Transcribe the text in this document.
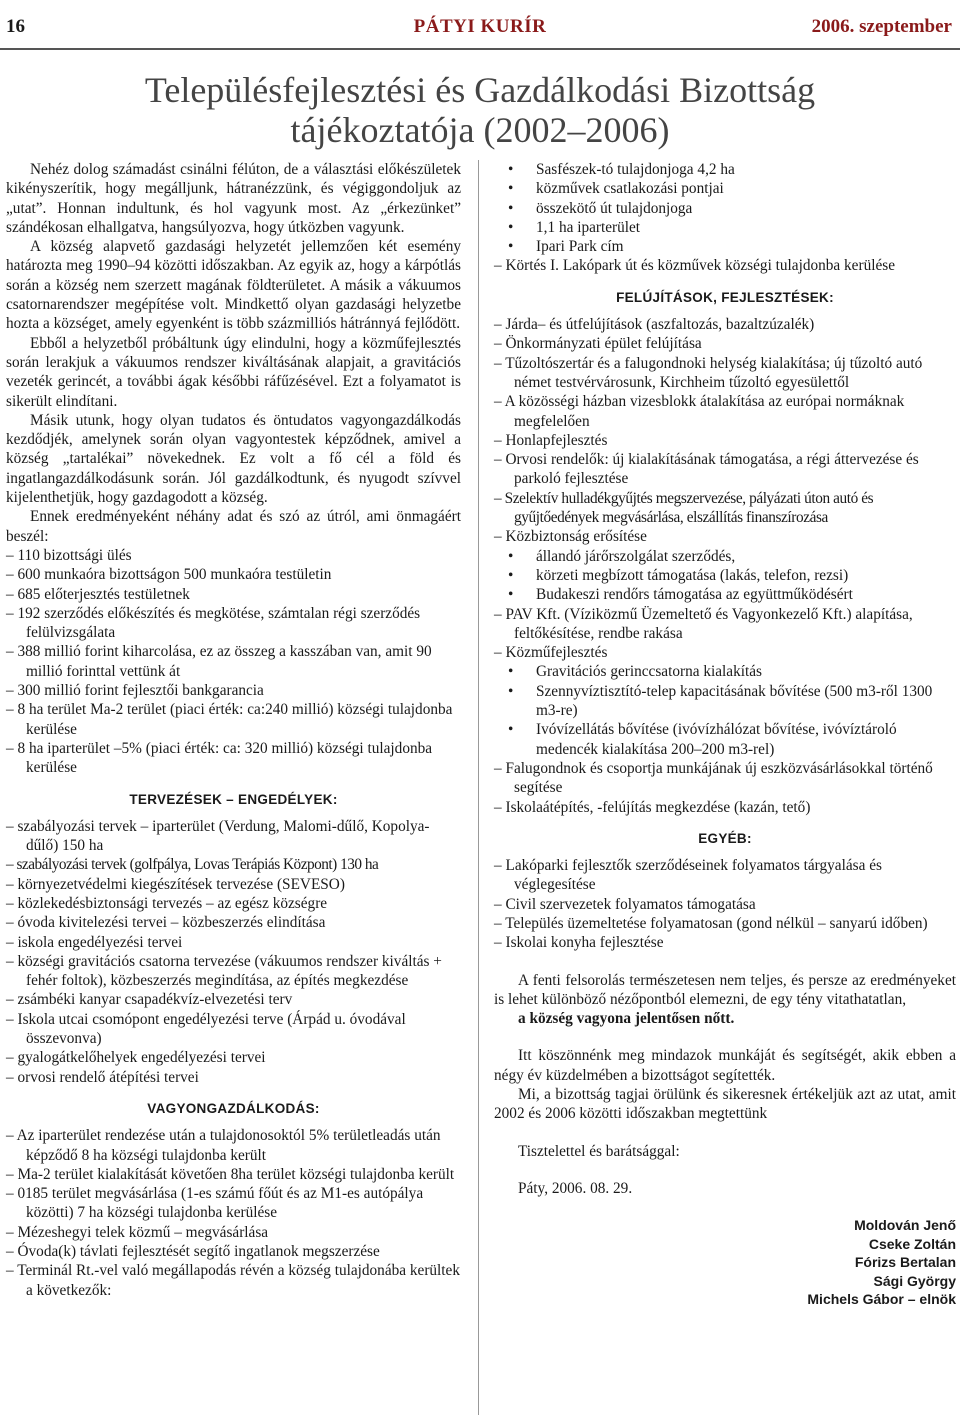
16	PÁTYI KURÍR	2006. szeptember
Településfejlesztési és Gazdálkodási Bizottság
tájékoztatója (2002–2006)

Nehéz dolog számadást csinálni félúton, de a választási előkészületek kikényszerítik, hogy megálljunk, hátranézzünk, és végiggondoljuk az „utat”. Honnan indultunk, és hol vagyunk most. Az „érkezünket” szándékosan elhallgatva, hangsúlyozva, hogy útközben vagyunk.

A község alapvető gazdasági helyzetét jellemzően két esemény határozta meg 1990–94 közötti időszakban. Az egyik az, hogy a kárpótlás során a község nem szerzett magának földterületet. A másik a vákuumos csatornarendszer megépítése volt. Mindkettő olyan gazdasági helyzetbe hozta a községet, amely egyenként is több százmilliós hátránnyá fejlődött.

Ebből a helyzetből próbáltunk úgy elindulni, hogy a közműfejlesztés során lerakjuk a vákuumos rendszer kiváltásának alapjait, a gravitációs vezeték gerincét, a további ágak későbbi ráfűzésével. Ezt a folyamatot is sikerült elindítani.

Másik utunk, hogy olyan tudatos és öntudatos vagyongazdálkodás kezdődjék, amelynek során olyan vagyontestek képződnek, amivel a község „tartalékai” növekednek. Ez volt a fő cél a föld és ingatlangazdálkodásunk során. Jól gazdálkodtunk, és nyugodt szívvel kijelenthetjük, hogy gazdagodott a község.

Ennek eredményeként néhány adat és szó az útról, ami önmagáért beszél:

– 110 bizottsági ülés

– 600 munkaóra bizottságon 500 munkaóra testületin

– 685 előterjesztés testületnek

– 192 szerződés előkészítés és megkötése, számtalan régi szerződés felülvizsgálata

– 388 millió forint kiharcolása, ez az összeg a kasszában van, amit 90 millió forinttal vettünk át

– 300 millió forint fejlesztői bankgarancia

– 8 ha terület Ma-2 terület (piaci érték: ca:240 millió) községi tulajdonba kerülése

– 8 ha iparterület –5% (piaci érték: ca: 320 millió) községi tulajdonba kerülése

TERVEZÉSEK – ENGEDÉLYEK:

– szabályozási tervek – iparterület (Verdung, Malomi-dűlő, Kopolya-dűlő) 150 ha

– szabályozási tervek (golfpálya, Lovas Terápiás Központ) 130 ha

– környezetvédelmi kiegészítések tervezése (SEVESO)

– közlekedésbiztonsági tervezés – az egész községre

– óvoda kivitelezési tervei – közbeszerzés elindítása

– iskola engedélyezési tervei

– községi gravitációs csatorna tervezése (vákuumos rendszer kiváltás + fehér foltok), közbeszerzés megindítása, az építés megkezdése

– zsámbéki kanyar csapadékvíz-elvezetési terv

– Iskola utcai csomópont engedélyezési terve (Árpád u. óvodával összevonva)

– gyalogátkelőhelyek engedélyezési tervei

– orvosi rendelő átépítési tervei

VAGYONGAZDÁLKODÁS:

– Az iparterület rendezése után a tulajdonosoktól 5% területleadás után képződő 8 ha községi tulajdonba került

– Ma-2 terület kialakítását követően 8ha terület községi tulajdonba került

– 0185 terület megvásárlása (1-es számú főút és az M1-es autópálya közötti) 7 ha községi tulajdonba kerülése

– Mézeshegyi telek közmű – megvásárlása

– Óvoda(k) távlati fejlesztését segítő ingatlanok megszerzése

– Terminál Rt.-vel való megállapodás révén a község tulajdonába kerültek a következők:

• Sasfészek-tó tulajdonjoga 4,2 ha

• közművek csatlakozási pontjai

• összekötő út tulajdonjoga

• 1,1 ha iparterület

• Ipari Park cím

– Körtés I. Lakópark út és közművek községi tulajdonba kerülése

FELÚJÍTÁSOK, FEJLESZTÉSEK:

– Járda– és útfelújítások (aszfaltozás, bazaltzúzalék)

– Önkormányzati épület felújítása

– Tűzoltószertár és a falugondnoki helység kialakítása; új tűzoltó autó német testvérvárosunk, Kirchheim tűzoltó egyesülettől

– A közösségi házban vizesblokk átalakítása az európai normáknak megfelelően

– Honlapfejlesztés

– Orvosi rendelők: új kialakításának támogatása, a régi áttervezése és parkoló fejlesztése

– Szelektív hulladékgyűjtés megszervezése, pályázati úton autó és gyűjtőedények megvásárlása, elszállítás finanszírozása

– Közbiztonság erősítése

• állandó járőrszolgálat szerződés,

• körzeti megbízott támogatása (lakás, telefon, rezsi)

• Budakeszi rendőrs támogatása az együttműködésért

– PAV Kft. (Víziközmű Üzemeltető és Vagyonkezelő Kft.) alapítása, feltőkésítése, rendbe rakása

– Közműfejlesztés

• Gravitációs gerinccsatorna kialakítás

• Szennyvíztisztító-telep kapacitásának bővítése (500 m3-ről 1300 m3-re)

• Ivóvízellátás bővítése (ivóvízhálózat bővítése, ivóvíztároló medencék kialakítása 200–200 m3-rel)

– Falugondnok és csoportja munkájának új eszközvásárlásokkal történő segítése

– Iskolaátépítés, -felújítás megkezdése (kazán, tető)

EGYÉB:

– Lakóparki fejlesztők szerződéseinek folyamatos tárgyalása és véglegesítése

– Civil szervezetek folyamatos támogatása

– Település üzemeltetése folyamatosan (gond nélkül – sanyarú időben)

– Iskolai konyha fejlesztése

A fenti felsorolás természetesen nem teljes, és persze az eredményeket is lehet különböző nézőpontból elemezni, de egy tény vitathatatlan,

a község vagyona jelentősen nőtt.

Itt köszönnénk meg mindazok munkáját és segítségét, akik ebben a négy év küzdelmében a bizottságot segítették.

Mi, a bizottság tagjai örülünk és sikeresnek értékeljük azt az utat, amit 2002 és 2006 közötti időszakban megtettünk

Tisztelettel és barátsággal:

Páty, 2006. 08. 29.

Moldován Jenő
Cseke Zoltán
Fórizs Bertalan
Sági György
Michels Gábor – elnök
